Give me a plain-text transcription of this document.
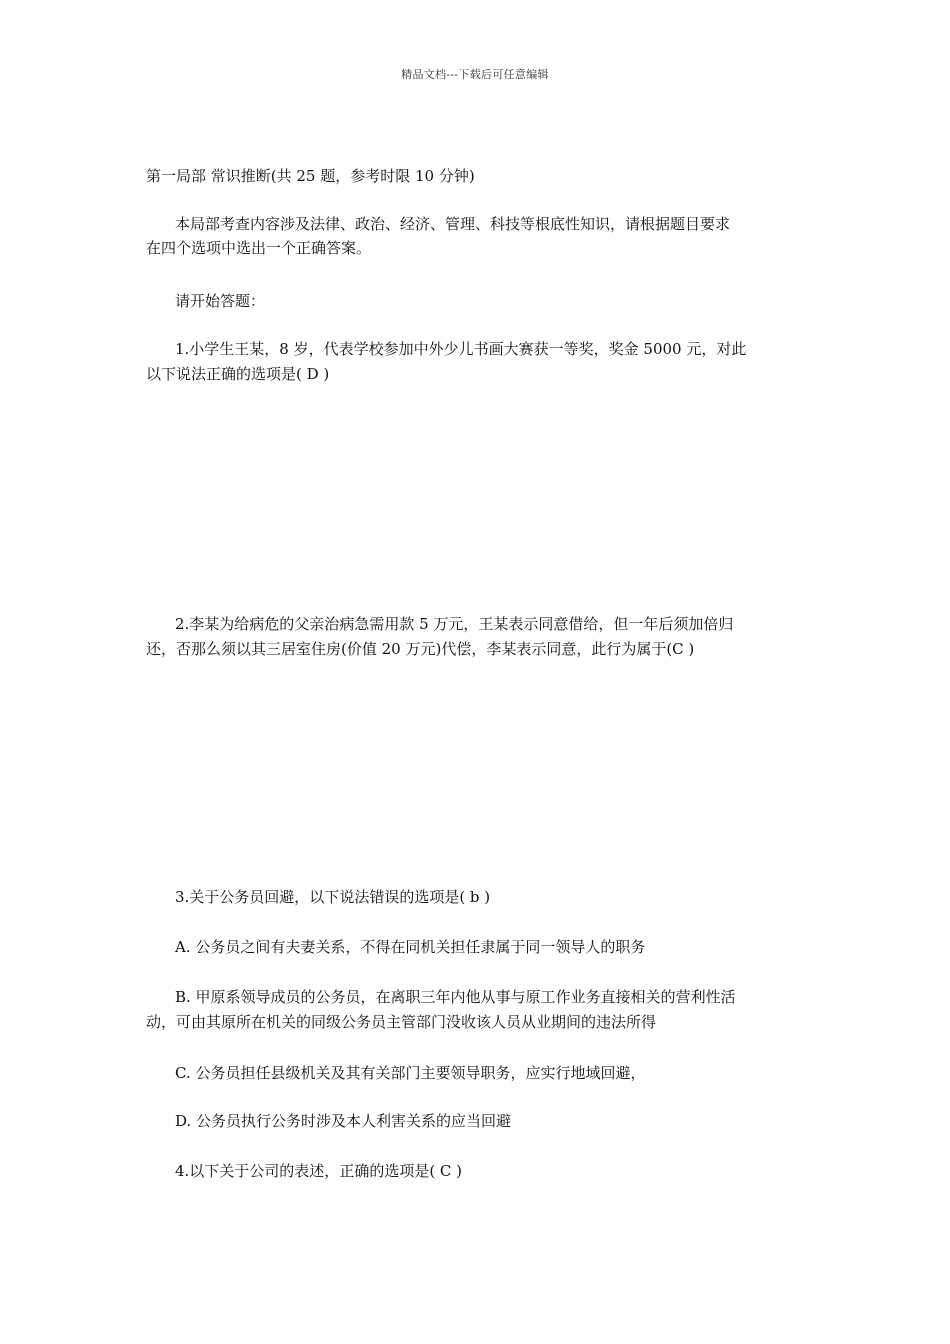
精品文档---下载后可任意编辑
第一局部 常识推断(共 25 题，参考时限 10 分钟)
本局部考查内容涉及法律、政治、经济、管理、科技等根底性知识，请根据题目要求
在四个选项中选出一个正确答案。
请开始答题：
1.小学生王某，8 岁，代表学校参加中外少儿书画大赛获一等奖，奖金 5000 元，对此
以下说法正确的选项是( D )
2.李某为给病危的父亲治病急需用款 5 万元，王某表示同意借给，但一年后须加倍归
还，否那么须以其三居室住房(价值 20 万元)代偿，李某表示同意，此行为属于(C )
3.关于公务员回避，以下说法错误的选项是( b )
A. 公务员之间有夫妻关系，不得在同机关担任隶属于同一领导人的职务
B. 甲原系领导成员的公务员，在离职三年内他从事与原工作业务直接相关的营利性活
动，可由其原所在机关的同级公务员主管部门没收该人员从业期间的违法所得
C. 公务员担任县级机关及其有关部门主要领导职务，应实行地域回避，
D. 公务员执行公务时涉及本人利害关系的应当回避
4.以下关于公司的表述，正确的选项是( C )
